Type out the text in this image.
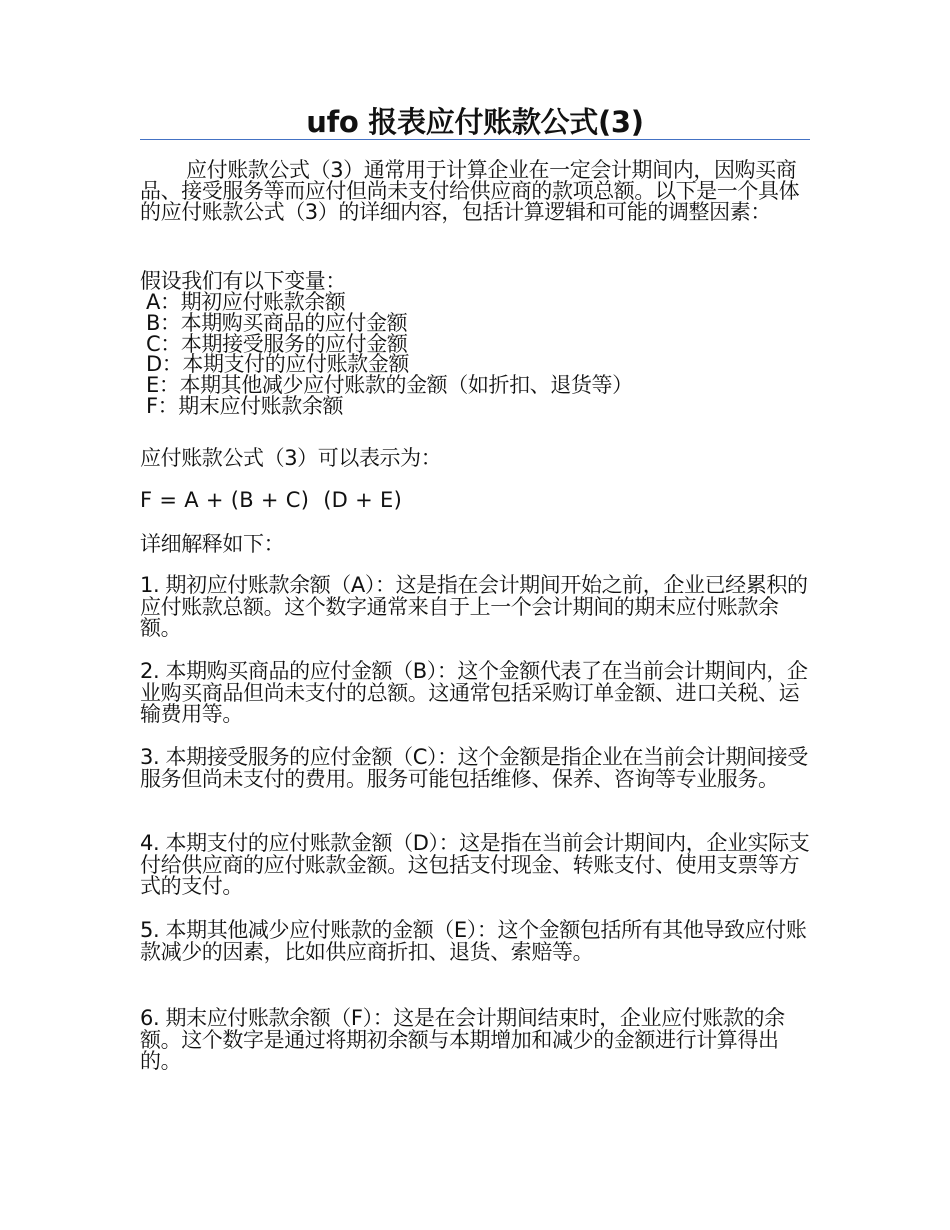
ufo 报表应付账款公式(3)

应付账款公式（3）通常用于计算企业在一定会计期间内，因购买商品、接受服务等而应付但尚未支付给供应商的款项总额。以下是一个具体的应付账款公式（3）的详细内容，包括计算逻辑和可能的调整因素：

假设我们有以下变量：

A：期初应付账款余额
B：本期购买商品的应付金额
C：本期接受服务的应付金额
D：本期支付的应付账款金额
E：本期其他减少应付账款的金额（如折扣、退货等）
F：期末应付账款余额

应付账款公式（3）可以表示为：

F = A + (B + C)  (D + E)

详细解释如下：

1. 期初应付账款余额（A）：这是指在会计期间开始之前，企业已经累积的应付账款总额。这个数字通常来自于上一个会计期间的期末应付账款余额。

2. 本期购买商品的应付金额（B）：这个金额代表了在当前会计期间内，企业购买商品但尚未支付的总额。这通常包括采购订单金额、进口关税、运输费用等。

3. 本期接受服务的应付金额（C）：这个金额是指企业在当前会计期间接受服务但尚未支付的费用。服务可能包括维修、保养、咨询等专业服务。

4. 本期支付的应付账款金额（D）：这是指在当前会计期间内，企业实际支付给供应商的应付账款金额。这包括支付现金、转账支付、使用支票等方式的支付。

5. 本期其他减少应付账款的金额（E）：这个金额包括所有其他导致应付账款减少的因素，比如供应商折扣、退货、索赔等。

6. 期末应付账款余额（F）：这是在会计期间结束时，企业应付账款的余额。这个数字是通过将期初余额与本期增加和减少的金额进行计算得出的。
